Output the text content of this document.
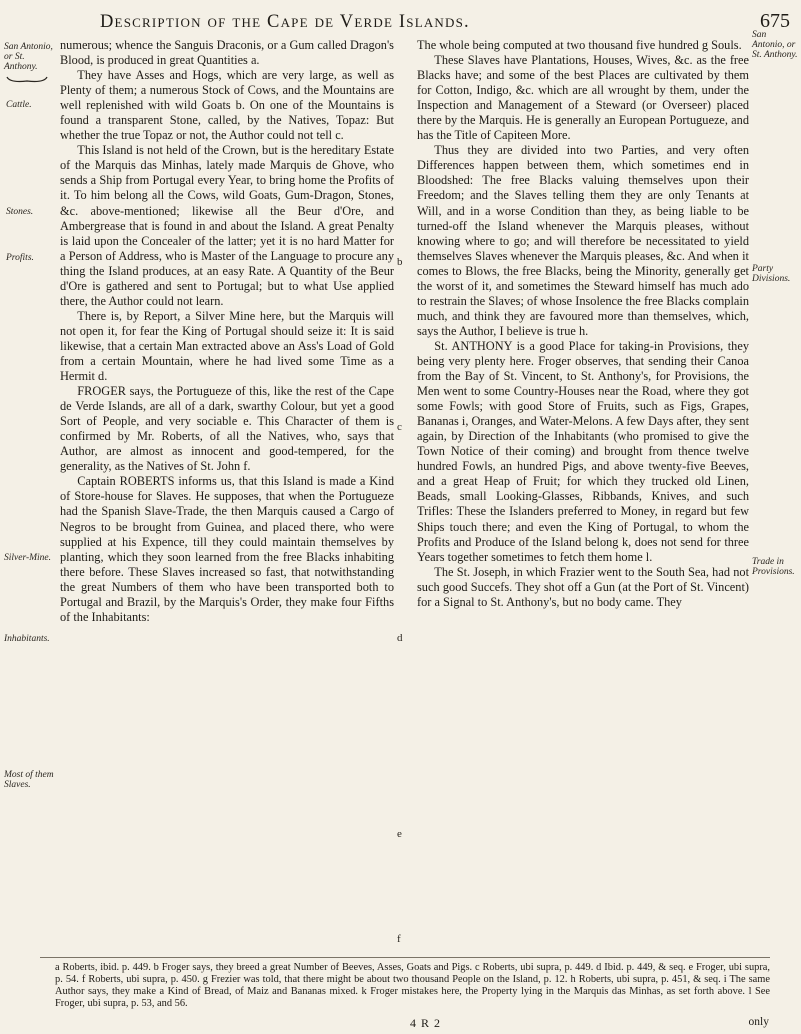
Description of the Cape de Verde Islands.	675
San Antonio, or St. Anthony.
Cattle.
Stones.
Profits.
Silver-Mine.
Inhabitants.
Most of them Slaves.
San Antonio, or St. Anthony.
Party Divisions.
Trade in Provisions.
b
c
d
e
f

numerous; whence the Sanguis Draconis, or a Gum called Dragon's Blood, is produced in great Quantities a.

They have Asses and Hogs, which are very large, as well as Plenty of them; a numerous Stock of Cows, and the Mountains are well replenished with wild Goats b. On one of the Mountains is found a transparent Stone, called, by the Natives, Topaz: But whether the true Topaz or not, the Author could not tell c.

This Island is not held of the Crown, but is the hereditary Estate of the Marquis das Minhas, lately made Marquis de Ghove, who sends a Ship from Portugal every Year, to bring home the Profits of it. To him belong all the Cows, wild Goats, Gum-Dragon, Stones, &c. above-mentioned; likewise all the Beur d'Ore, and Ambergrease that is found in and about the Island. A great Penalty is laid upon the Concealer of the latter; yet it is no hard Matter for a Person of Address, who is Master of the Language to procure any thing the Island produces, at an easy Rate. A Quantity of the Beur d'Ore is gathered and sent to Portugal; but to what Use applied there, the Author could not learn.

There is, by Report, a Silver Mine here, but the Marquis will not open it, for fear the King of Portugal should seize it: It is said likewise, that a certain Man extracted above an Ass's Load of Gold from a certain Mountain, where he had lived some Time as a Hermit d.

FROGER says, the Portugueze of this, like the rest of the Cape de Verde Islands, are all of a dark, swarthy Colour, but yet a good Sort of People, and very sociable e. This Character of them is confirmed by Mr. Roberts, of all the Natives, who, says that Author, are almost as innocent and good-tempered, for the generality, as the Natives of St. John f.

Captain ROBERTS informs us, that this Island is made a Kind of Store-house for Slaves. He supposes, that when the Portugueze had the Spanish Slave-Trade, the then Marquis caused a Cargo of Negros to be brought from Guinea, and placed there, who were supplied at his Expence, till they could maintain themselves by planting, which they soon learned from the free Blacks inhabiting there before. These Slaves increased so fast, that notwithstanding the great Numbers of them who have been transported both to Portugal and Brazil, by the Marquis's Order, they make four Fifths of the Inhabitants:

The whole being computed at two thousand five hundred g Souls.

These Slaves have Plantations, Houses, Wives, &c. as the free Blacks have; and some of the best Places are cultivated by them for Cotton, Indigo, &c. which are all wrought by them, under the Inspection and Management of a Steward (or Overseer) placed there by the Marquis. He is generally an European Portugueze, and has the Title of Capiteen More.

Thus they are divided into two Parties, and very often Differences happen between them, which sometimes end in Bloodshed: The free Blacks valuing themselves upon their Freedom; and the Slaves telling them they are only Tenants at Will, and in a worse Condition than they, as being liable to be turned-off the Island whenever the Marquis pleases, without knowing where to go; and will therefore be necessitated to yield themselves Slaves whenever the Marquis pleases, &c. And when it comes to Blows, the free Blacks, being the Minority, generally get the worst of it, and sometimes the Steward himself has much ado to restrain the Slaves; of whose Insolence the free Blacks complain much, and think they are favoured more than themselves, which, says the Author, I believe is true h.

St. ANTHONY is a good Place for taking-in Provisions, they being very plenty here. Froger observes, that sending their Canoa from the Bay of St. Vincent, to St. Anthony's, for Provisions, the Men went to some Country-Houses near the Road, where they got some Fowls; with good Store of Fruits, such as Figs, Grapes, Bananas i, Oranges, and Water-Melons. A few Days after, they sent again, by Direction of the Inhabitants (who promised to give the Town Notice of their coming) and brought from thence twelve hundred Fowls, an hundred Pigs, and above twenty-five Beeves, and a great Heap of Fruit; for which they trucked old Linen, Beads, small Looking-Glasses, Ribbands, Knives, and such Trifles: These the Islanders preferred to Money, in regard but few Ships touch there; and even the King of Portugal, to whom the Profits and Produce of the Island belong k, does not send for three Years together sometimes to fetch them home l.

The St. Joseph, in which Frazier went to the South Sea, had not such good Succefs. They shot off a Gun (at the Port of St. Vincent) for a Signal to St. Anthony's, but no body came. They

a Roberts, ibid. p. 449. b Froger says, they breed a great Number of Beeves, Asses, Goats and Pigs. c Roberts, ubi supra, p. 449. d Ibid. p. 449, & seq. e Froger, ubi supra, p. 54. f Roberts, ubi supra, p. 450. g Frezier was told, that there might be about two thousand People on the Island, p. 12. h Roberts, ubi supra, p. 451, & seq. i The same Author says, they make a Kind of Bread, of Maiz and Bananas mixed. k Froger mistakes here, the Property lying in the Marquis das Minhas, as set forth above. l See Froger, ubi supra, p. 53, and 56.

4 R 2	only
